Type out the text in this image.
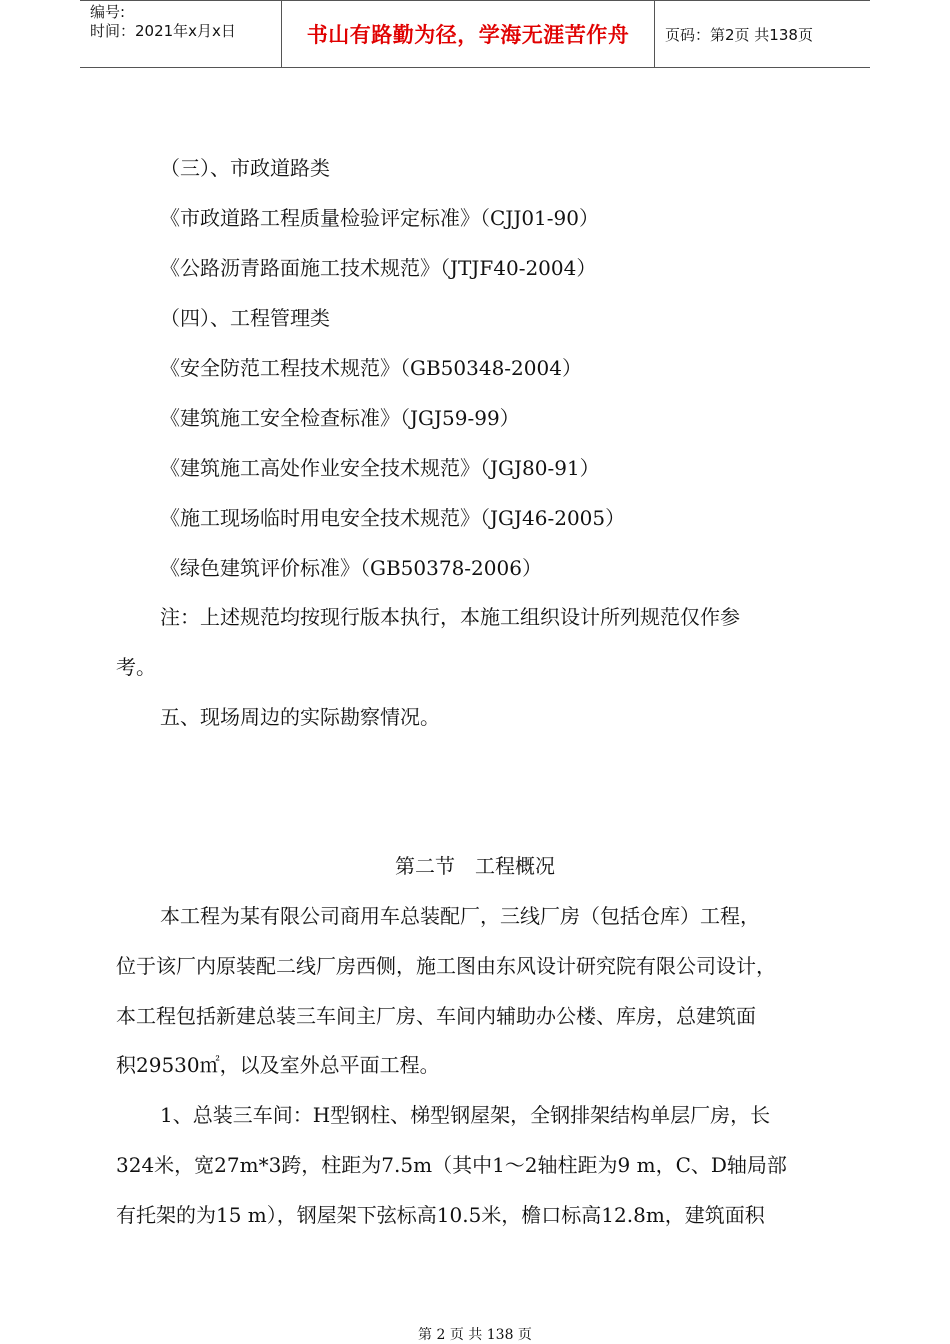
编号:
时间：2021年x月x日	书山有路勤为径，学海无涯苦作舟	页码：第2页 共138页
（三）、市政道路类
《市政道路工程质量检验评定标准》（CJJ01-90）
《公路沥青路面施工技术规范》（JTJF40-2004）
（四）、工程管理类
《安全防范工程技术规范》（GB50348-2004）
《建筑施工安全检查标准》（JGJ59-99）
《建筑施工高处作业安全技术规范》（JGJ80-91）
《施工现场临时用电安全技术规范》（JGJ46-2005）
《绿色建筑评价标准》（GB50378-2006）
注：上述规范均按现行版本执行，本施工组织设计所列规范仅作参
考。
五、现场周边的实际勘察情况。
第二节　工程概况
本工程为某有限公司商用车总装配厂，三线厂房（包括仓库）工程，
位于该厂内原装配二线厂房西侧，施工图由东风设计研究院有限公司设计，
本工程包括新建总装三车间主厂房、车间内辅助办公楼、库房，总建筑面
积29530㎡，以及室外总平面工程。
1、总装三车间：H型钢柱、梯型钢屋架，全钢排架结构单层厂房，长
324米，宽27m*3跨，柱距为7.5m（其中1～2轴柱距为9 m，C、D轴局部
有托架的为15 m），钢屋架下弦标高10.5米，檐口标高12.8m，建筑面积
第 2 页 共 138 页
